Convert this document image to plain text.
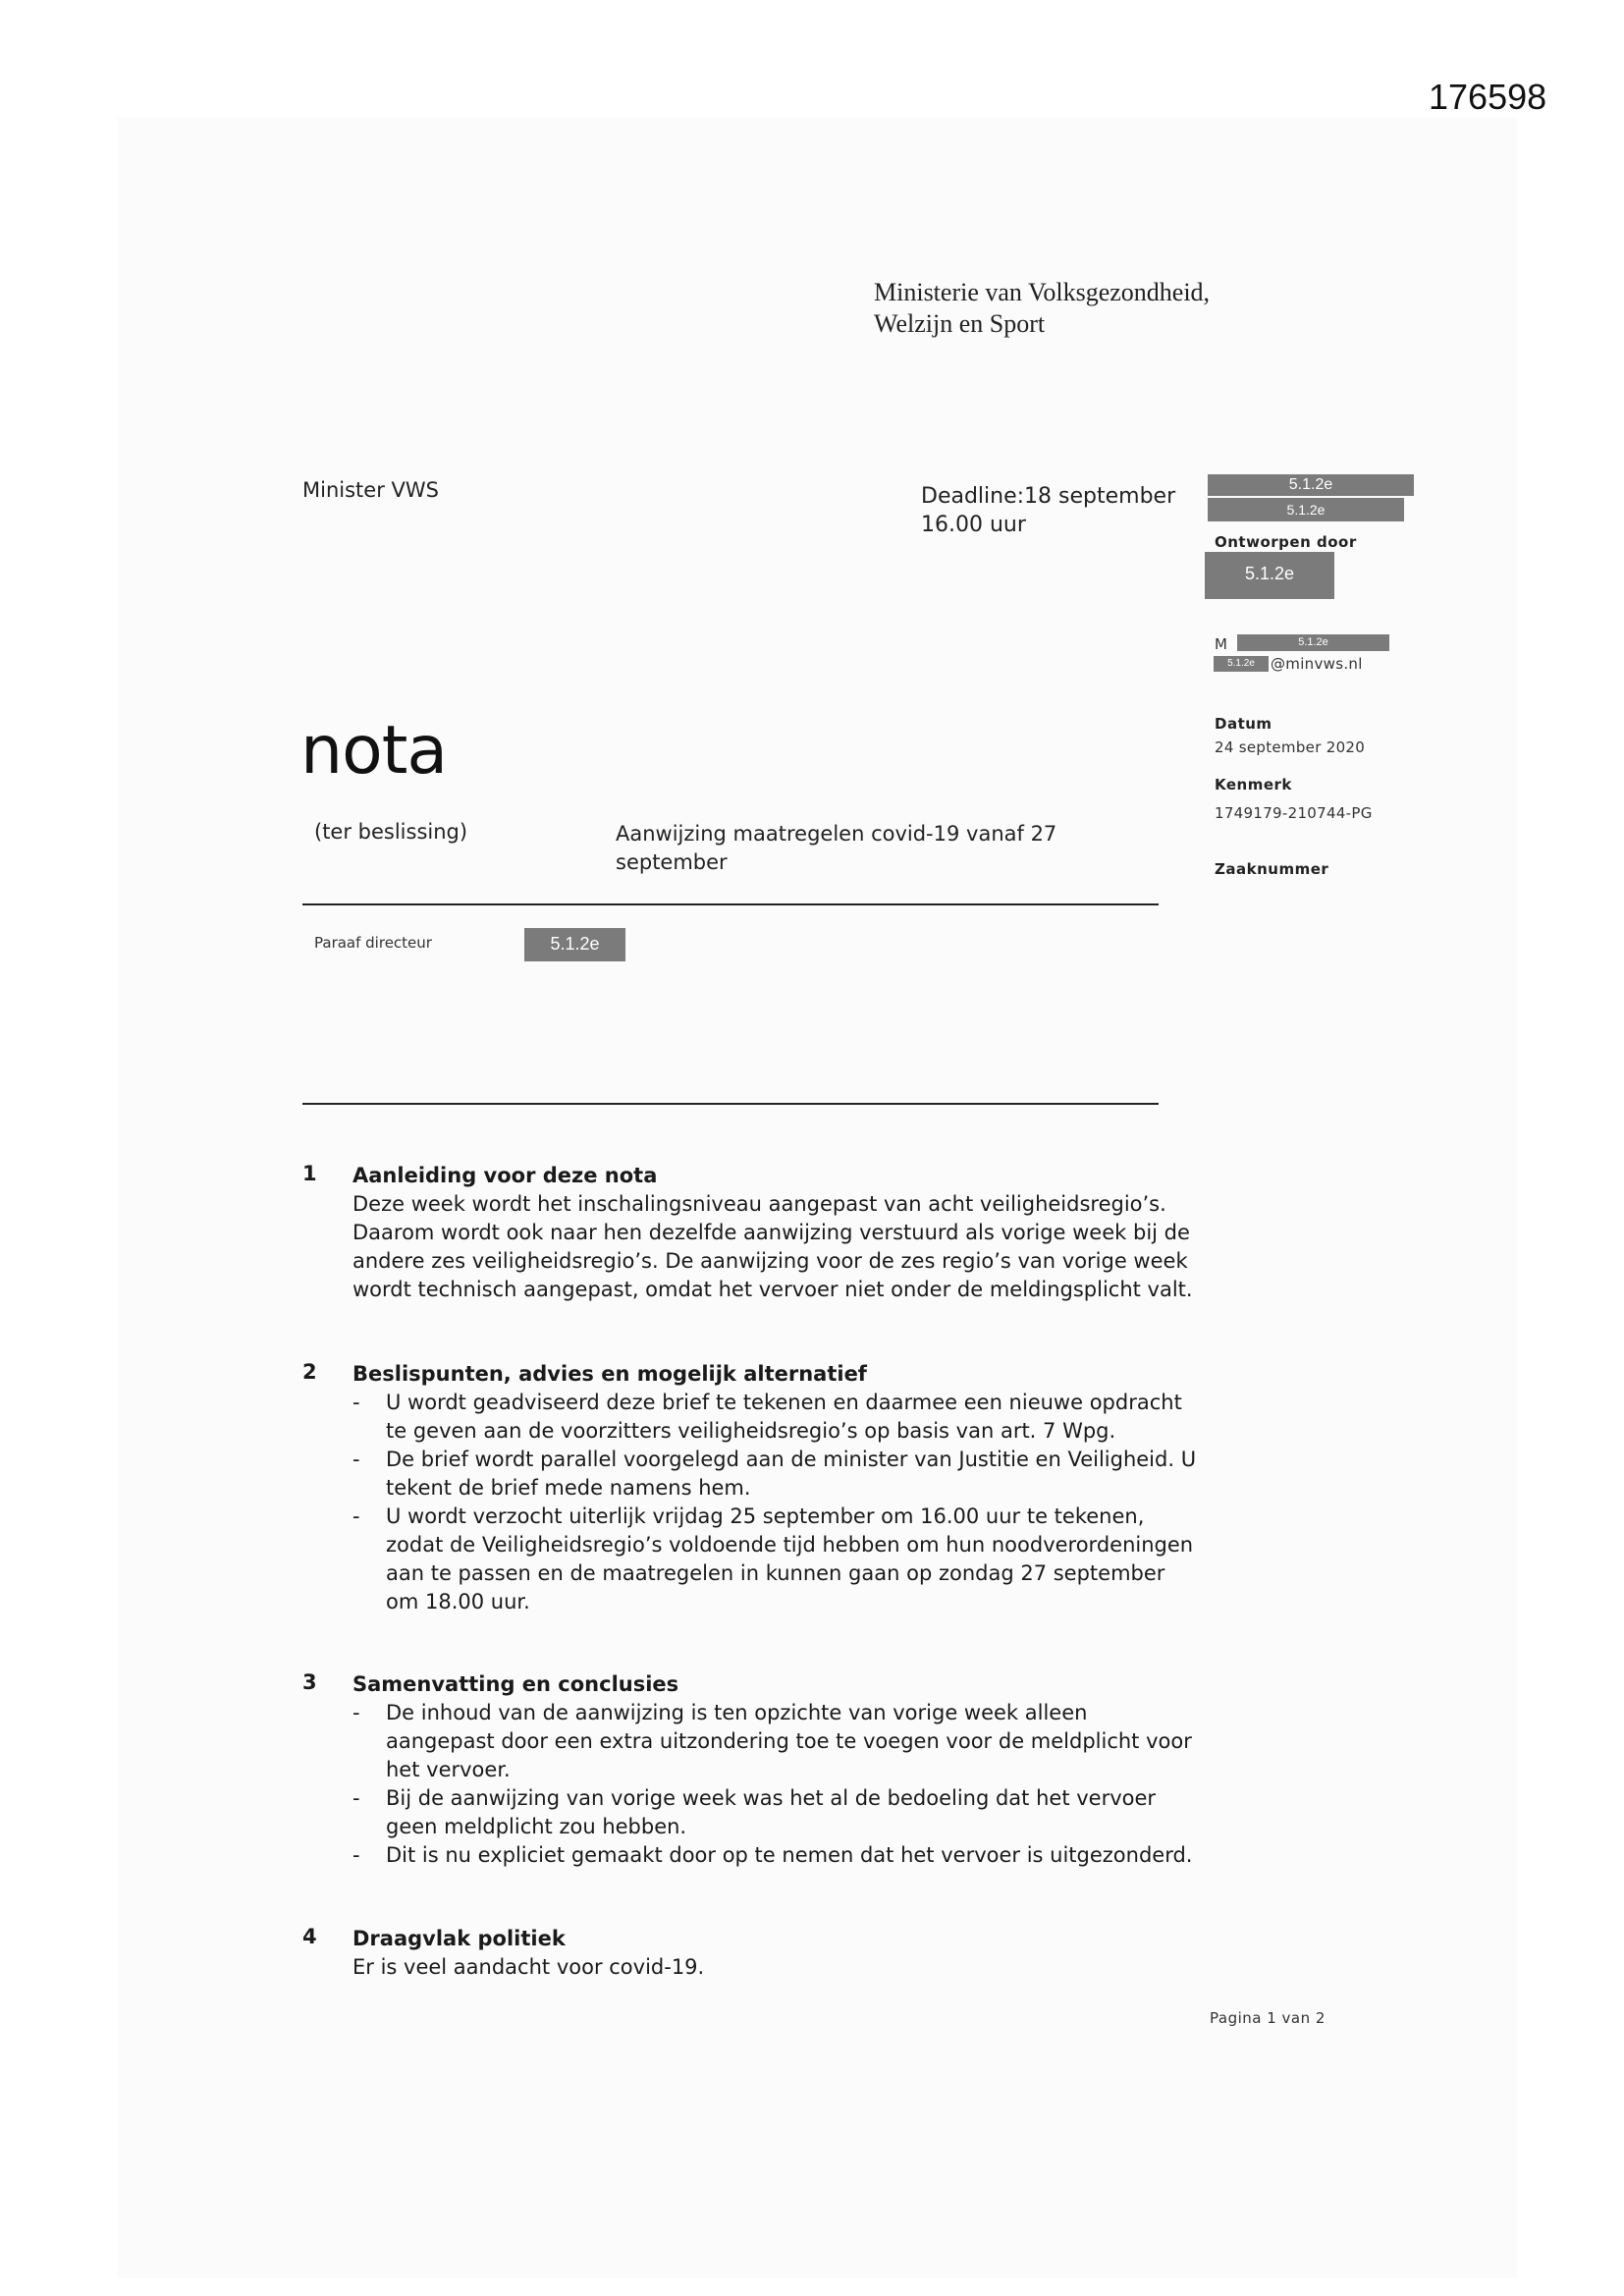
176598
Ministerie van Volksgezondheid,
Welzijn en Sport
Minister VWS	Deadline:18 september
16.00 uur
5.1.2e
5.1.2e
Ontworpen door
5.1.2e
M	5.1.2e
5.1.2e	@minvws.nl
Datum
24 september 2020
Kenmerk
1749179-210744-PG
Zaaknummer
nota
(ter beslissing)	Aanwijzing maatregelen covid-19 vanaf 27 september
Paraaf directeur	5.1.2e
1 Aanleiding voor deze nota
Deze week wordt het inschalingsniveau aangepast van acht veiligheidsregio’s. Daarom wordt ook naar hen dezelfde aanwijzing verstuurd als vorige week bij de andere zes veiligheidsregio’s. De aanwijzing voor de zes regio’s van vorige week wordt technisch aangepast, omdat het vervoer niet onder de meldingsplicht valt.
2 Beslispunten, advies en mogelijk alternatief
- U wordt geadviseerd deze brief te tekenen en daarmee een nieuwe opdracht te geven aan de voorzitters veiligheidsregio’s op basis van art. 7 Wpg.
- De brief wordt parallel voorgelegd aan de minister van Justitie en Veiligheid. U tekent de brief mede namens hem.
- U wordt verzocht uiterlijk vrijdag 25 september om 16.00 uur te tekenen, zodat de Veiligheidsregio’s voldoende tijd hebben om hun noodverordeningen aan te passen en de maatregelen in kunnen gaan op zondag 27 september om 18.00 uur.
3 Samenvatting en conclusies
- De inhoud van de aanwijzing is ten opzichte van vorige week alleen aangepast door een extra uitzondering toe te voegen voor de meldplicht voor het vervoer.
- Bij de aanwijzing van vorige week was het al de bedoeling dat het vervoer geen meldplicht zou hebben.
- Dit is nu expliciet gemaakt door op te nemen dat het vervoer is uitgezonderd.
4 Draagvlak politiek
Er is veel aandacht voor covid-19.
Pagina 1 van 2
